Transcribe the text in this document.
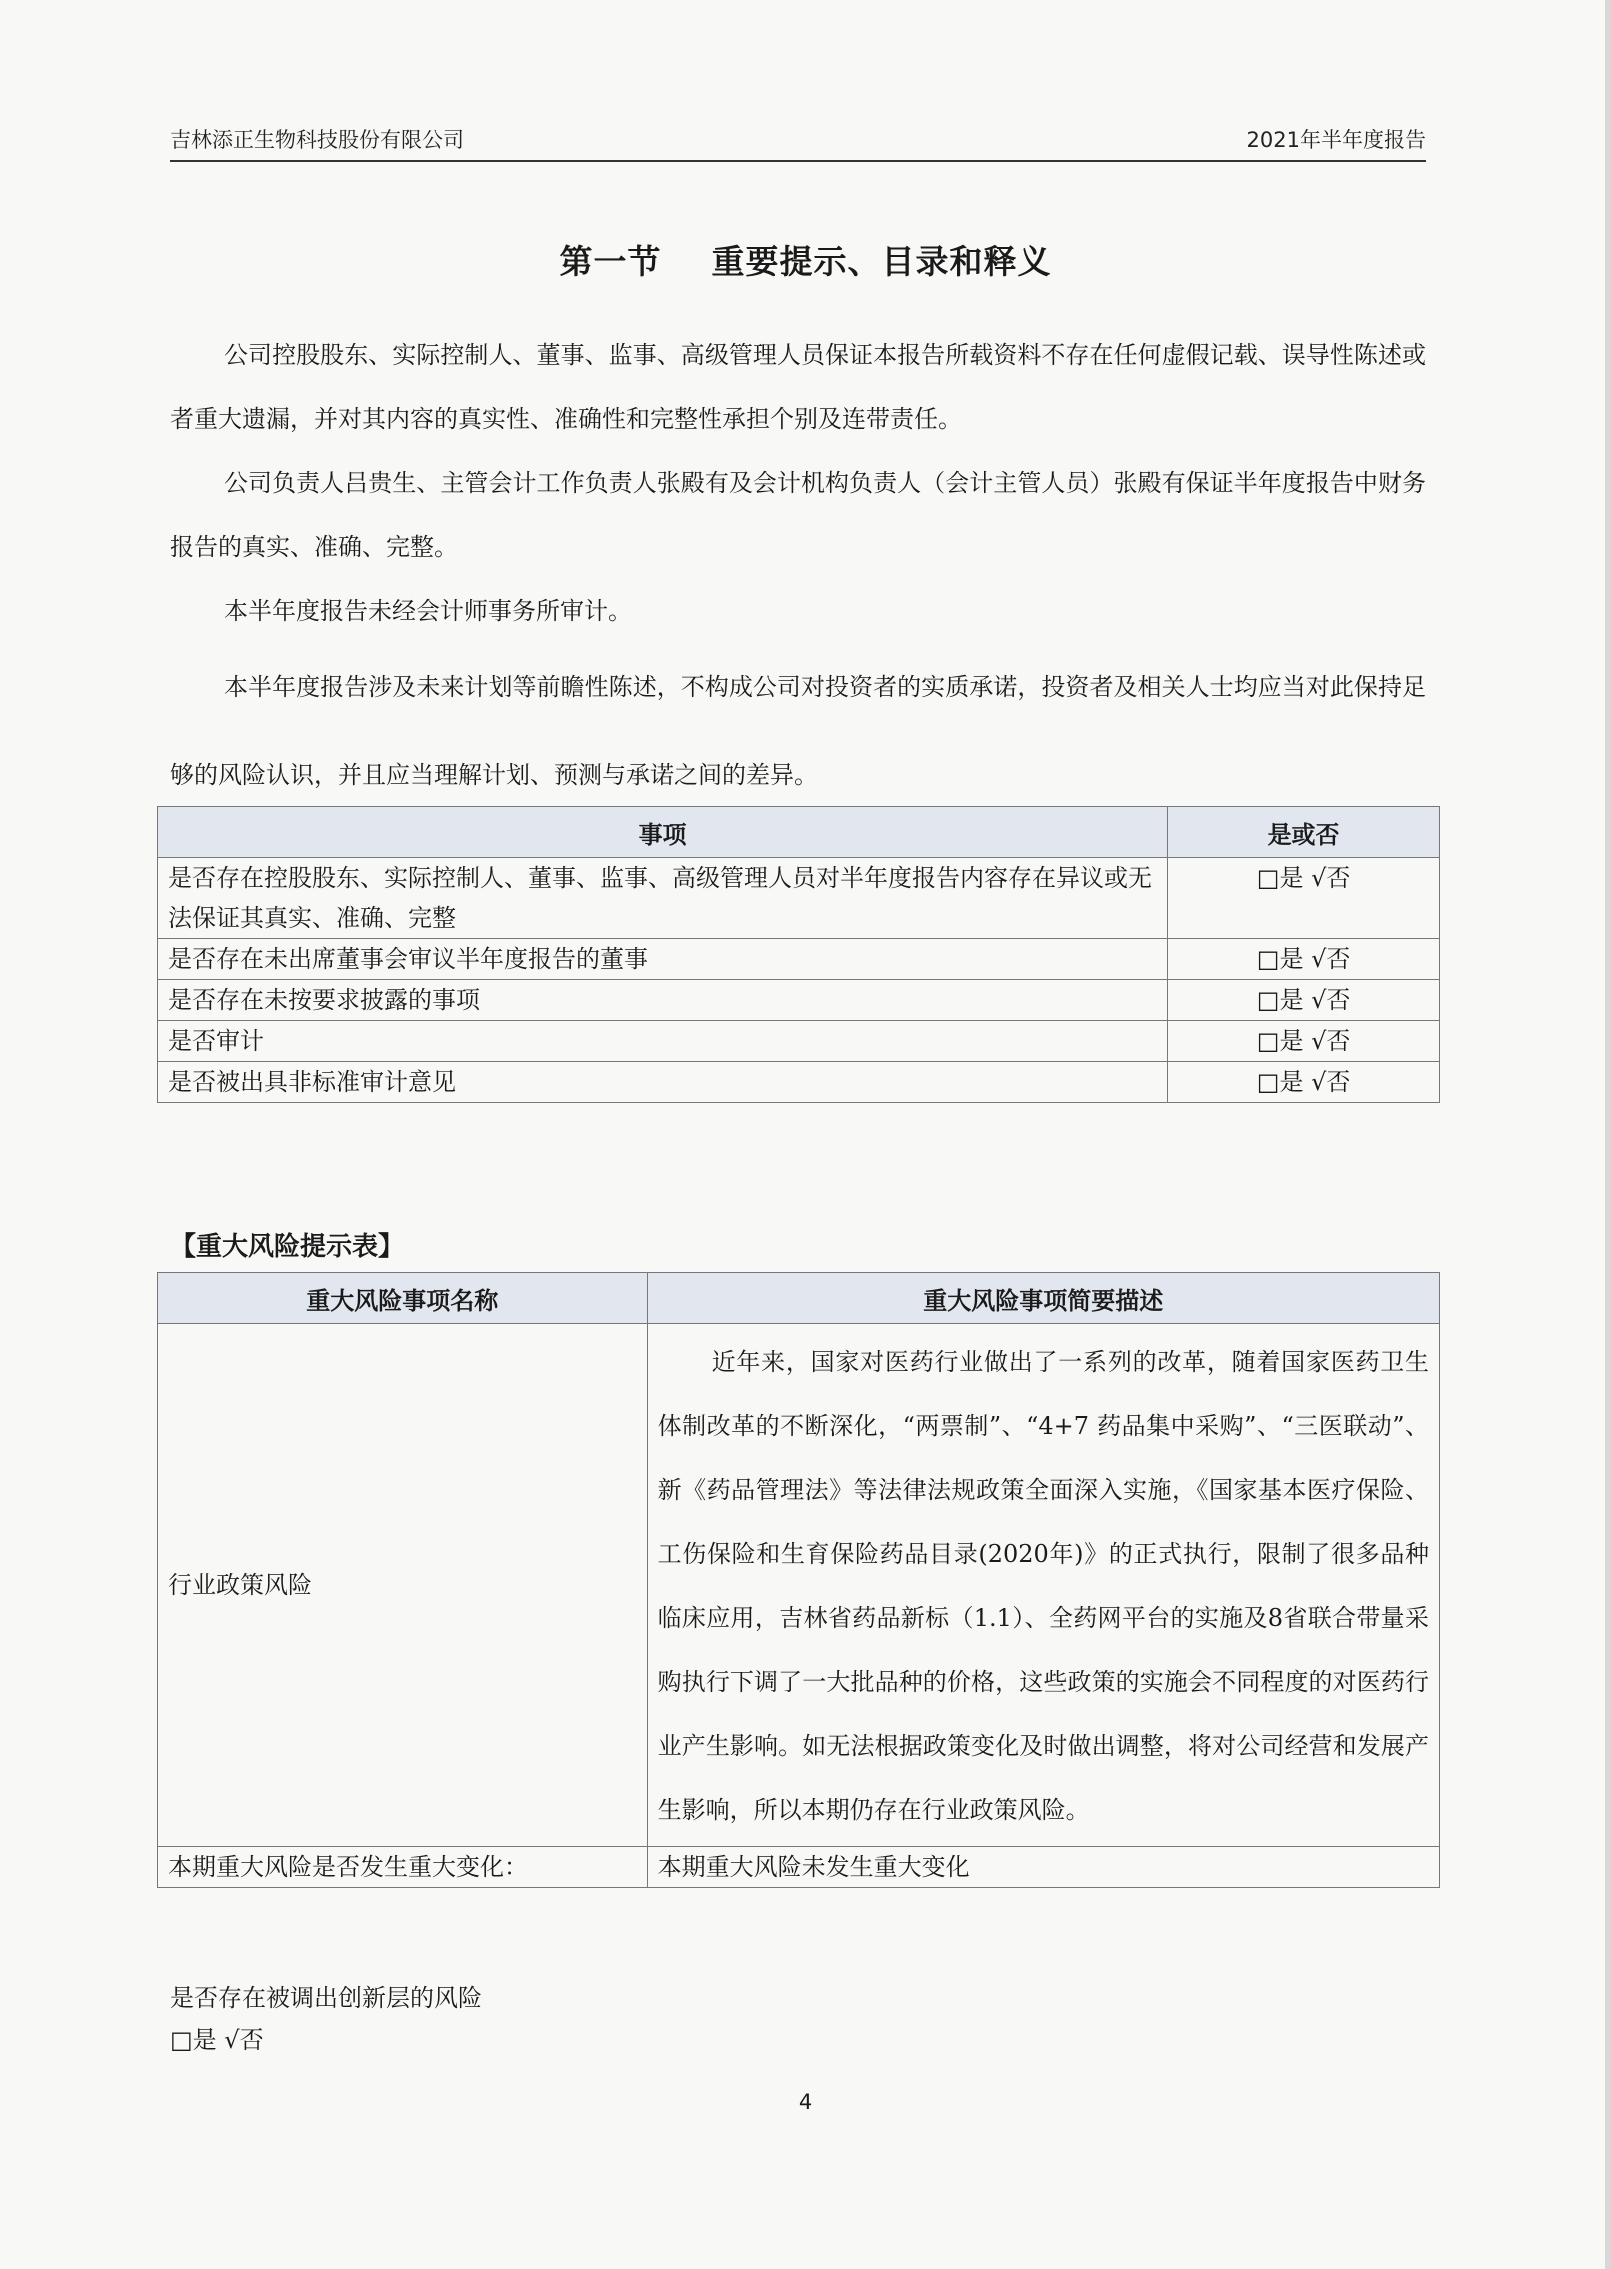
吉林添正生物科技股份有限公司	2021年半年度报告
第一节 重要提示、目录和释义
公司控股股东、实际控制人、董事、监事、高级管理人员保证本报告所载资料不存在任何虚假记载、误导性陈述或者重大遗漏，并对其内容的真实性、准确性和完整性承担个别及连带责任。
公司负责人吕贵生、主管会计工作负责人张殿有及会计机构负责人（会计主管人员）张殿有保证半年度报告中财务报告的真实、准确、完整。
本半年度报告未经会计师事务所审计。
本半年度报告涉及未来计划等前瞻性陈述，不构成公司对投资者的实质承诺，投资者及相关人士均应当对此保持足够的风险认识，并且应当理解计划、预测与承诺之间的差异。
事项	是或否
是否存在控股股东、实际控制人、董事、监事、高级管理人员对半年度报告内容存在异议或无法保证其真实、准确、完整	□是 √否
是否存在未出席董事会审议半年度报告的董事	□是 √否
是否存在未按要求披露的事项	□是 √否
是否审计	□是 √否
是否被出具非标准审计意见	□是 √否
【重大风险提示表】
重大风险事项名称	重大风险事项简要描述
行业政策风险	近年来，国家对医药行业做出了一系列的改革，随着国家医药卫生体制改革的不断深化，“两票制”、“4+7 药品集中采购”、“三医联动”、新《药品管理法》等法律法规政策全面深入实施，《国家基本医疗保险、工伤保险和生育保险药品目录(2020年)》的正式执行，限制了很多品种临床应用，吉林省药品新标（1.1）、全药网平台的实施及8省联合带量采购执行下调了一大批品种的价格，这些政策的实施会不同程度的对医药行业产生影响。如无法根据政策变化及时做出调整，将对公司经营和发展产生影响，所以本期仍存在行业政策风险。
本期重大风险是否发生重大变化：	本期重大风险未发生重大变化
是否存在被调出创新层的风险
□是 √否
4
